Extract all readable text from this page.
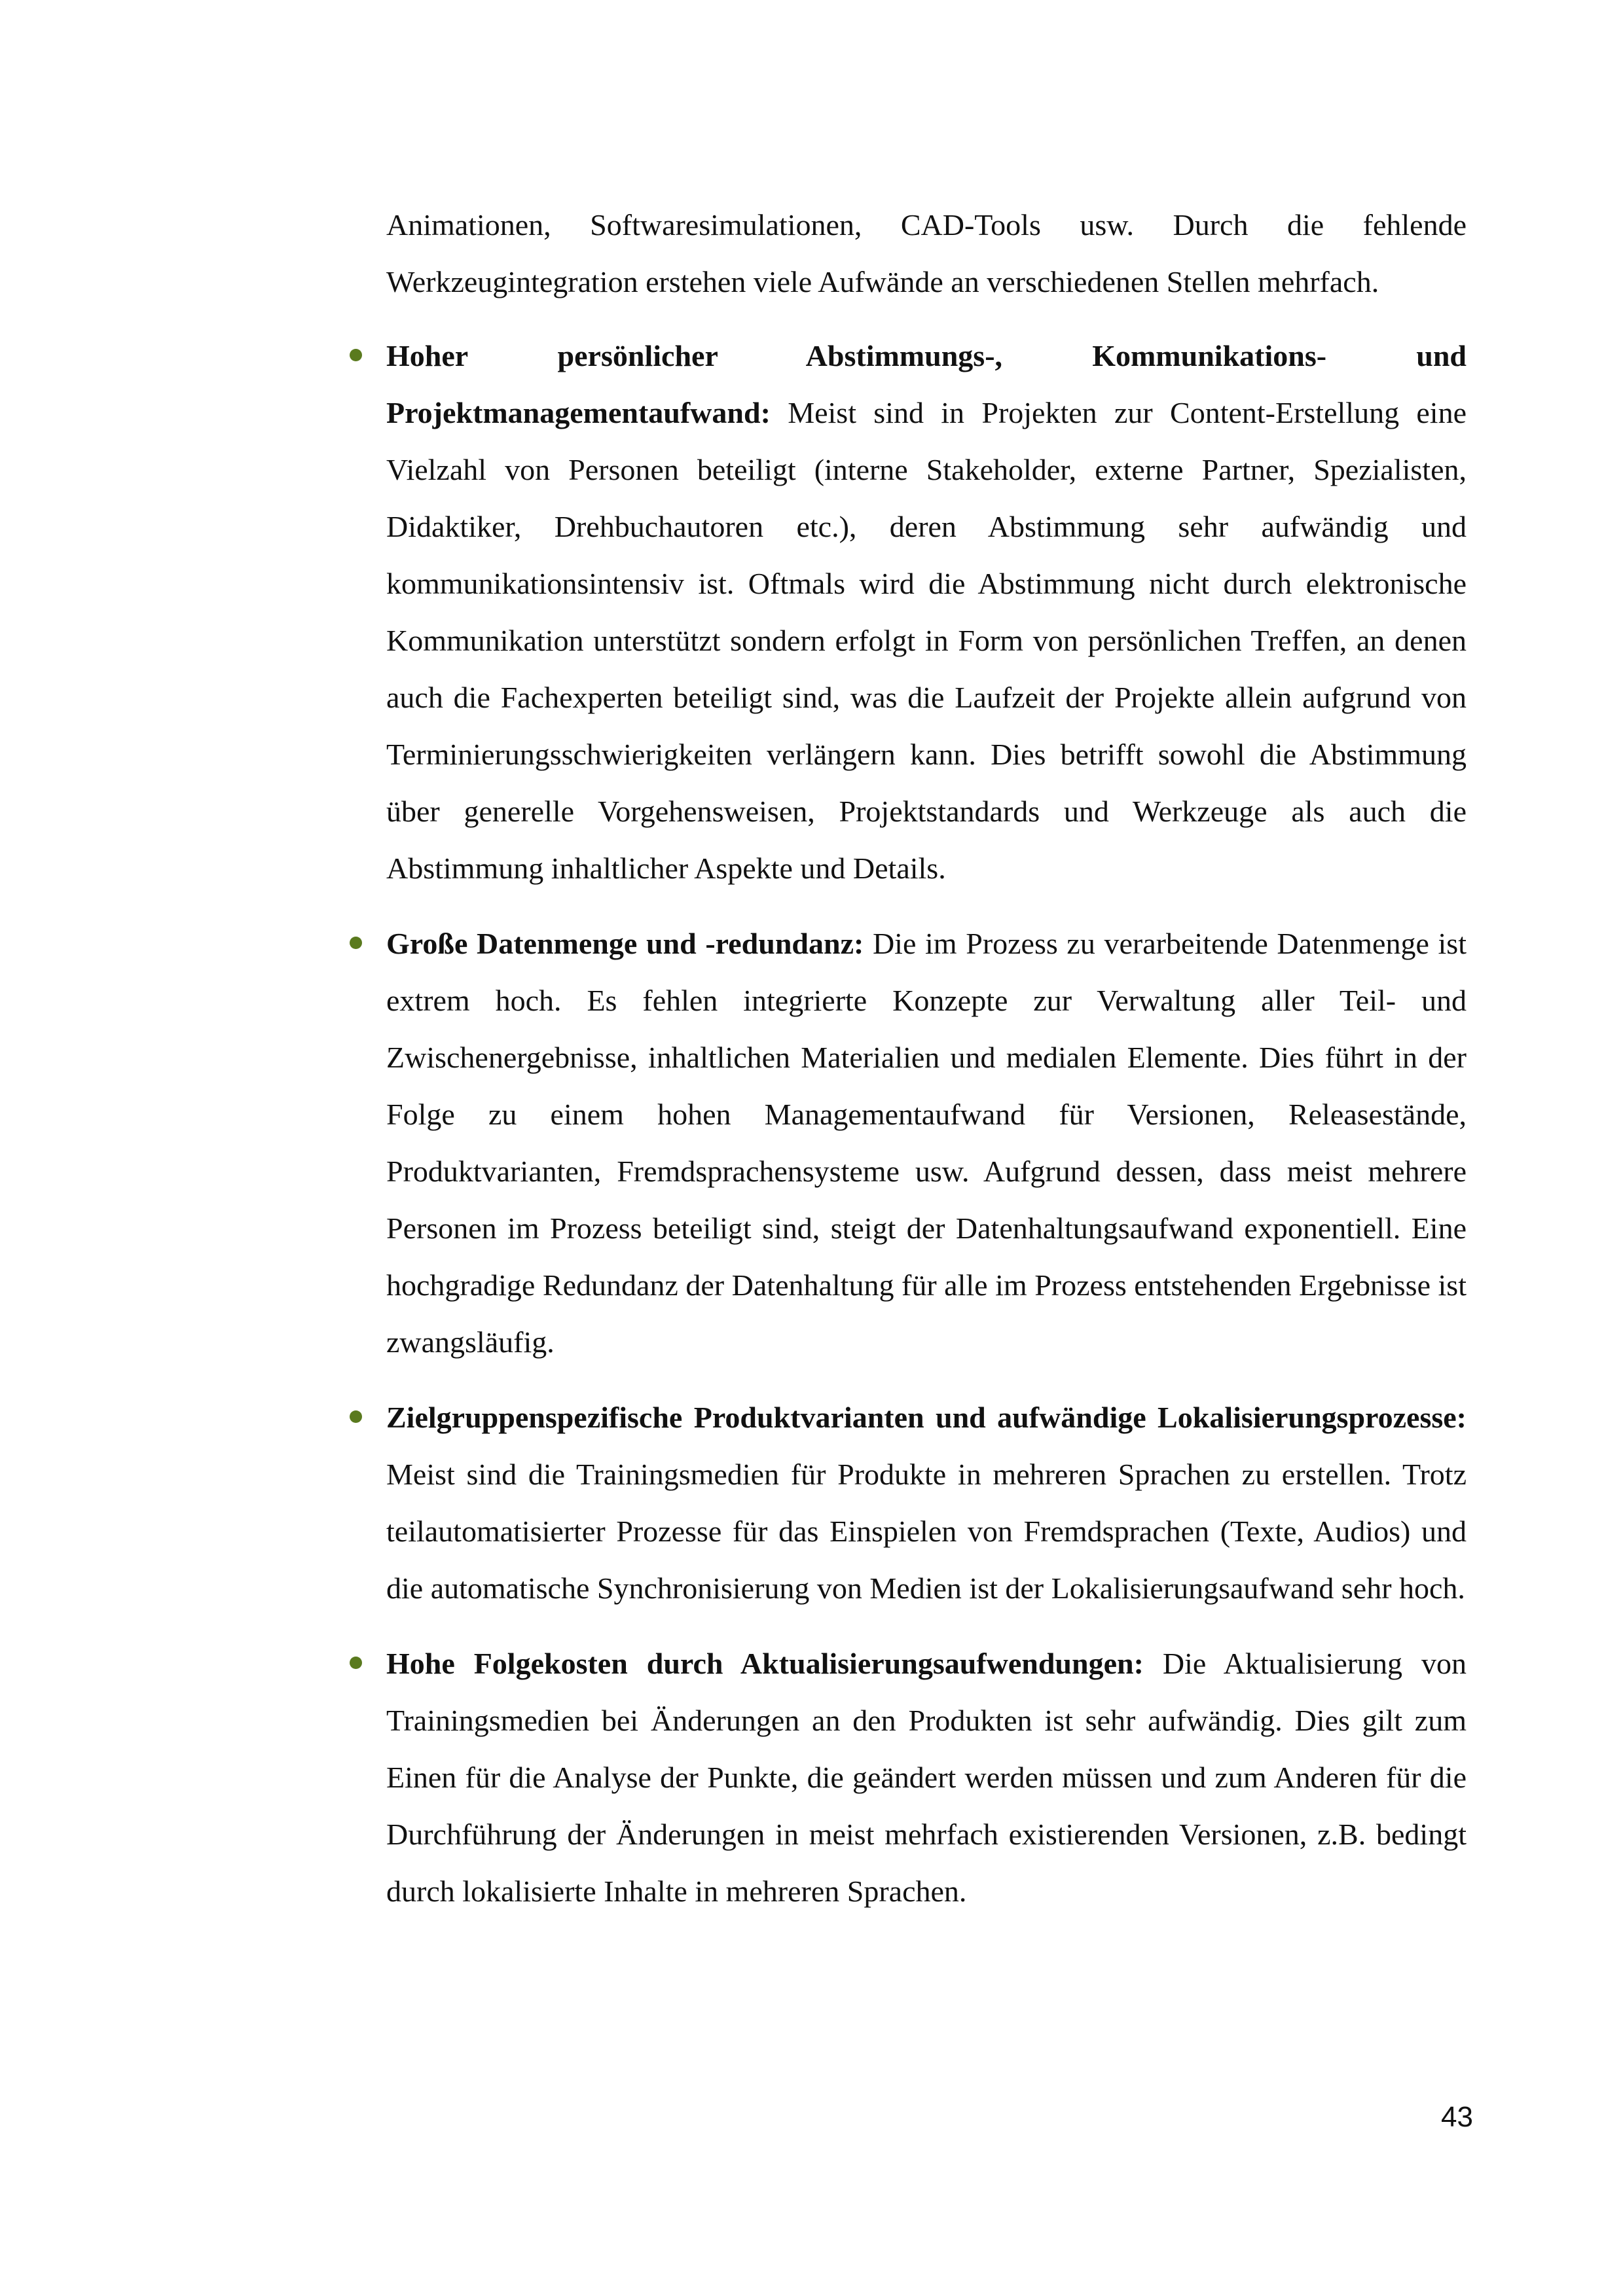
Animationen, Softwaresimulationen, CAD-Tools usw. Durch die fehlende Werkzeugintegration erstehen viele Aufwände an verschiedenen Stellen mehrfach.

Hoher persönlicher Abstimmungs-, Kommunikations- und Projektmanagementaufwand: Meist sind in Projekten zur Content-Erstellung eine Vielzahl von Personen beteiligt (interne Stakeholder, externe Partner, Spezialisten, Didaktiker, Drehbuchautoren etc.), deren Abstimmung sehr aufwändig und kommunikationsintensiv ist. Oftmals wird die Abstimmung nicht durch elektronische Kommunikation unterstützt sondern erfolgt in Form von persönlichen Treffen, an denen auch die Fachexperten beteiligt sind, was die Laufzeit der Projekte allein aufgrund von Terminierungsschwierigkeiten verlängern kann. Dies betrifft sowohl die Abstimmung über generelle Vorgehensweisen, Projektstandards und Werkzeuge als auch die Abstimmung inhaltlicher Aspekte und Details.
Große Datenmenge und -redundanz: Die im Prozess zu verarbeitende Datenmenge ist extrem hoch. Es fehlen integrierte Konzepte zur Verwaltung aller Teil- und Zwischenergebnisse, inhaltlichen Materialien und medialen Elemente. Dies führt in der Folge zu einem hohen Managementaufwand für Versionen, Releasestände, Produktvarianten, Fremdsprachensysteme usw. Aufgrund dessen, dass meist mehrere Personen im Prozess beteiligt sind, steigt der Datenhaltungsaufwand exponentiell. Eine hochgradige Redundanz der Datenhaltung für alle im Prozess entstehenden Ergebnisse ist zwangsläufig.
Zielgruppenspezifische Produktvarianten und aufwändige Lokalisierungsprozesse: Meist sind die Trainingsmedien für Produkte in mehreren Sprachen zu erstellen. Trotz teilautomatisierter Prozesse für das Einspielen von Fremdsprachen (Texte, Audios) und die automatische Synchronisierung von Medien ist der Lokalisierungsaufwand sehr hoch.
Hohe Folgekosten durch Aktualisierungsaufwendungen: Die Aktualisierung von Trainingsmedien bei Änderungen an den Produkten ist sehr aufwändig. Dies gilt zum Einen für die Analyse der Punkte, die geändert werden müssen und zum Anderen für die Durchführung der Änderungen in meist mehrfach existierenden Versionen, z.B. bedingt durch lokalisierte Inhalte in mehreren Sprachen.
43
